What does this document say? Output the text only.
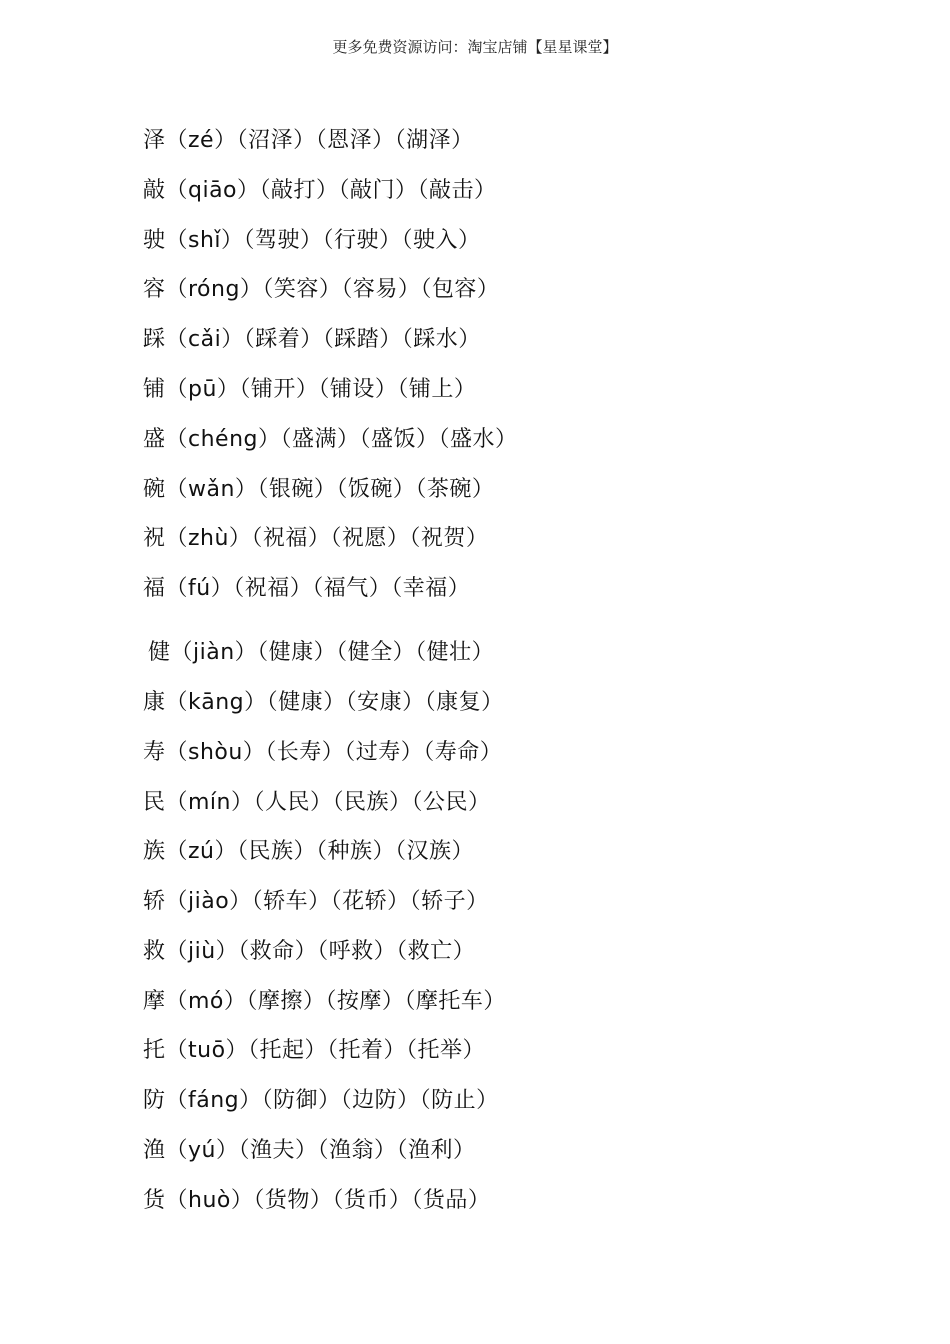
更多免费资源访问：淘宝店铺【星星课堂】
泽（zé）（沼泽）（恩泽）（湖泽）
敲（qiāo）（敲打）（敲门）（敲击）
驶（shǐ）（驾驶）（行驶）（驶入）
容（róng）（笑容）（容易）（包容）
踩（cǎi）（踩着）（踩踏）（踩水）
铺（pū）（铺开）（铺设）（铺上）
盛（chéng）（盛满）（盛饭）（盛水）
碗（wǎn）（银碗）（饭碗）（茶碗）
祝（zhù）（祝福）（祝愿）（祝贺）
福（fú）（祝福）（福气）（幸福）
健（jiàn）（健康）（健全）（健壮）
康（kāng）（健康）（安康）（康复）
寿（shòu）（长寿）（过寿）（寿命）
民（mín）（人民）（民族）（公民）
族（zú）（民族）（种族）（汉族）
轿（jiào）（轿车）（花轿）（轿子）
救（jiù）（救命）（呼救）（救亡）
摩（mó）（摩擦）（按摩）（摩托车）
托（tuō）（托起）（托着）（托举）
防（fáng）（防御）（边防）（防止）
渔（yú）（渔夫）（渔翁）（渔利）
货（huò）（货物）（货币）（货品）
